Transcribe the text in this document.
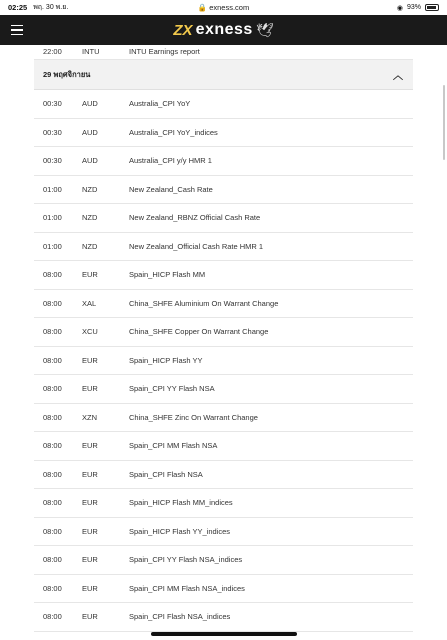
02:25 พฤ. 30 พ.ย.	🔒 exness.com	◉ 93%
ZX exness 🕊
22:00	INTU	INTU Earnings report
29 พฤศจิกายน	︿
00:30	AUD	Australia_CPI YoY
00:30	AUD	Australia_CPI YoY_indices
00:30	AUD	Australia_CPI y/y HMR 1
01:00	NZD	New Zealand_Cash Rate
01:00	NZD	New Zealand_RBNZ Official Cash Rate
01:00	NZD	New Zealand_Official Cash Rate HMR 1
08:00	EUR	Spain_HICP Flash MM
08:00	XAL	China_SHFE Aluminium On Warrant Change
08:00	XCU	China_SHFE Copper On Warrant Change
08:00	EUR	Spain_HICP Flash YY
08:00	EUR	Spain_CPI YY Flash NSA
08:00	XZN	China_SHFE Zinc On Warrant Change
08:00	EUR	Spain_CPI MM Flash NSA
08:00	EUR	Spain_CPI Flash NSA
08:00	EUR	Spain_HICP Flash MM_indices
08:00	EUR	Spain_HICP Flash YY_indices
08:00	EUR	Spain_CPI YY Flash NSA_indices
08:00	EUR	Spain_CPI MM Flash NSA_indices
08:00	EUR	Spain_CPI Flash NSA_indices
